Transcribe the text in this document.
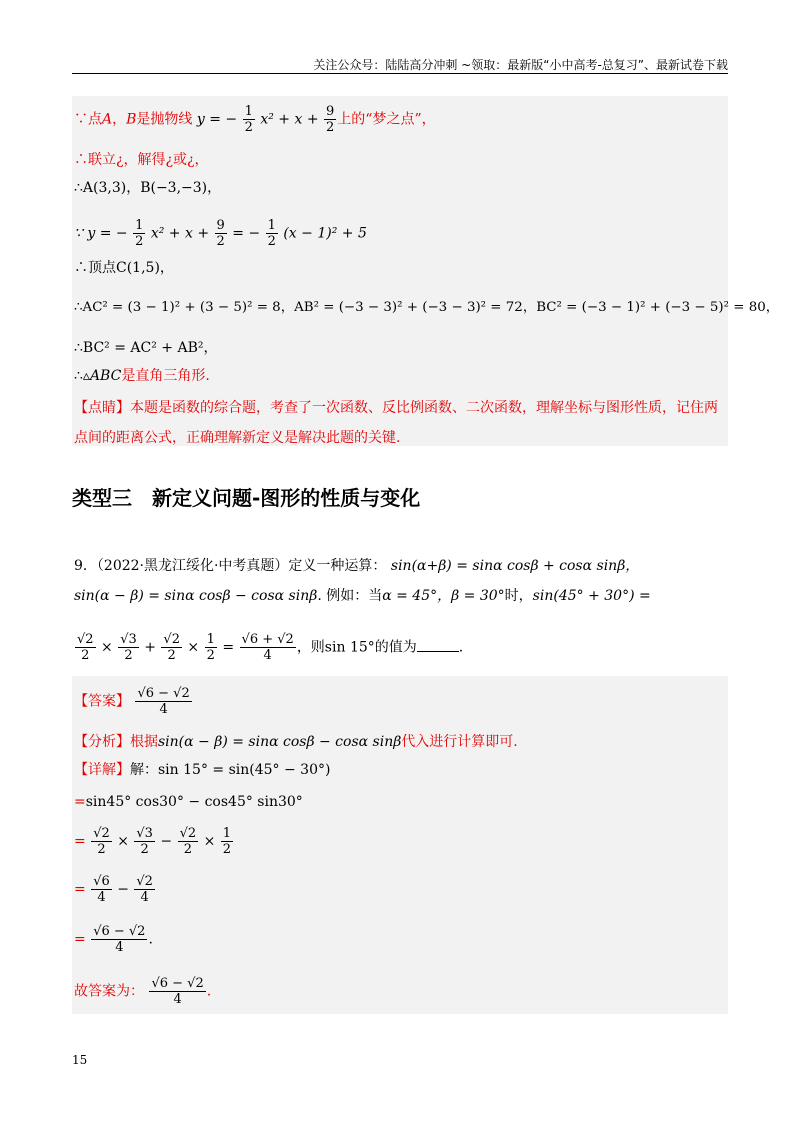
关注公众号：陆陆高分冲刺 ~领取：最新版“小中高考-总复习”、最新试卷下载
∵点A，B是抛物线 y = − $\frac{1}{2} x^2 + x + \frac{9}{2}$ 上的“梦之点”，
∴联立¿，解得¿或¿，
∴A(3,3)，B(−3,−3)，
∵ y = − $\frac{1}{2} x^2 + x + \frac{9}{2}$ = − $\frac{1}{2} (x - 1)^2 + 5$
∴顶点C(1,5)，
∴AC² = (3 − 1)² + (3 − 5)² = 8，AB² = (−3 − 3)² + (−3 − 3)² = 72，BC² = (−3 − 1)² + (−3 − 5)² = 80，
∴BC² = AC² + AB²，
∴▵ABC是直角三角形.
【点睛】本题是函数的综合题，考查了一次函数、反比例函数、二次函数，理解坐标与图形性质，记住两
点间的距离公式，正确理解新定义是解决此题的关键.
类型三　新定义问题-图形的性质与变化
9．（2022·黑龙江绥化·中考真题）定义一种运算： sin(α+β) = sinα cosβ + cosα sinβ，
sin(α − β) = sinα cosβ − cosα sinβ. 例如：当α = 45°，β = 30°时，sin(45° + 30°) =
$\frac{√2}{2} \times \frac{√3}{2} + \frac{√2}{2} \times \frac{1}{2} = \frac{√6 + √2}{4}$ ，则sin 15°的值为	.
【答案】 $\frac{√6 - √2}{4}$
【分析】根据sin(α − β) = sinα cosβ − cosα sinβ代入进行计算即可.
【详解】解：sin 15° = sin(45° − 30°)
=sin45° cos30° − cos45° sin30°
= $\frac{√2}{2} \times \frac{√3}{2} - \frac{√2}{2} \times \frac{1}{2}$
= $\frac{√6}{4} - \frac{√2}{4}$
= $\frac{√6 - √2}{4}$ .
故答案为： $\frac{√6 - √2}{4}$ .
15
